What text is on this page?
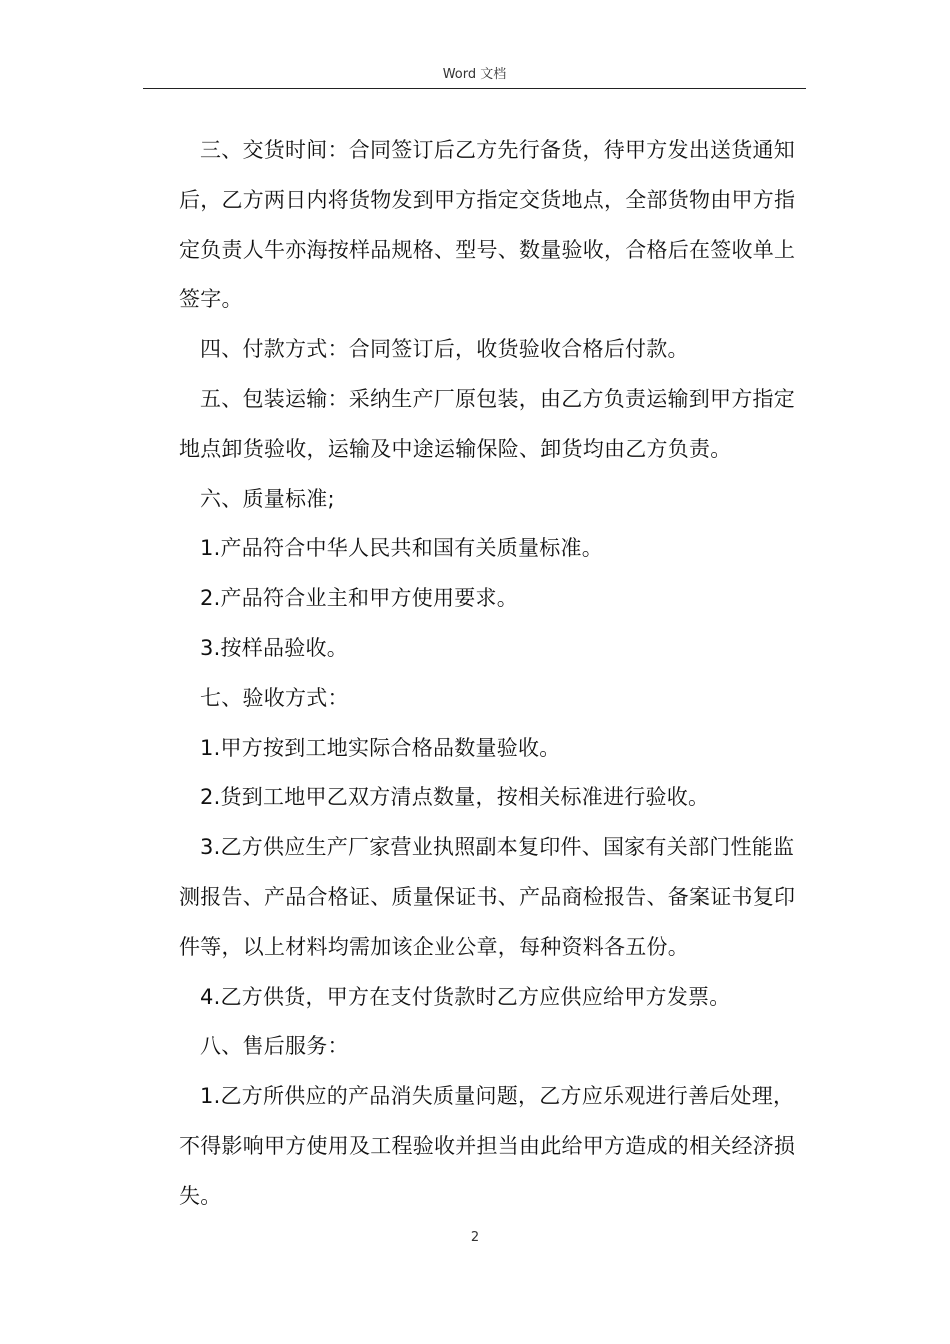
Word 文档

三、交货时间：合同签订后乙方先行备货，待甲方发出送货通知后，乙方两日内将货物发到甲方指定交货地点，全部货物由甲方指定负责人牛亦海按样品规格、型号、数量验收，合格后在签收单上签字。

四、付款方式：合同签订后，收货验收合格后付款。

五、包装运输：采纳生产厂原包装，由乙方负责运输到甲方指定地点卸货验收，运输及中途运输保险、卸货均由乙方负责。

六、质量标准;

1.产品符合中华人民共和国有关质量标准。

2.产品符合业主和甲方使用要求。

3.按样品验收。

七、验收方式：

1.甲方按到工地实际合格品数量验收。

2.货到工地甲乙双方清点数量，按相关标准进行验收。

3.乙方供应生产厂家营业执照副本复印件、国家有关部门性能监测报告、产品合格证、质量保证书、产品商检报告、备案证书复印件等，以上材料均需加该企业公章，每种资料各五份。

4.乙方供货，甲方在支付货款时乙方应供应给甲方发票。

八、售后服务：

1.乙方所供应的产品消失质量问题，乙方应乐观进行善后处理，不得影响甲方使用及工程验收并担当由此给甲方造成的相关经济损失。

2
